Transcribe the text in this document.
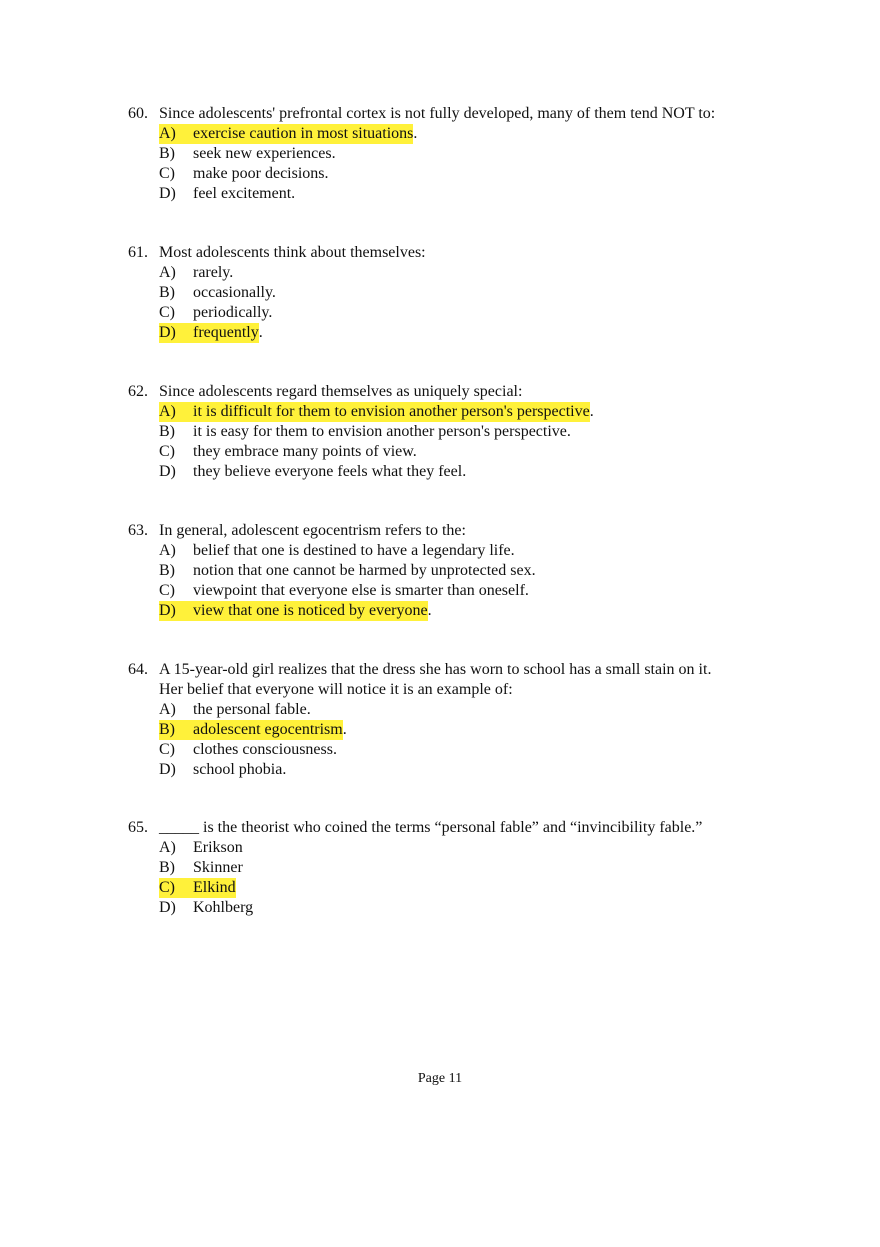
60. Since adolescents' prefrontal cortex is not fully developed, many of them tend NOT to:
A) exercise caution in most situations.
B) seek new experiences.
C) make poor decisions.
D) feel excitement.
61. Most adolescents think about themselves:
A) rarely.
B) occasionally.
C) periodically.
D) frequently.
62. Since adolescents regard themselves as uniquely special:
A) it is difficult for them to envision another person's perspective.
B) it is easy for them to envision another person's perspective.
C) they embrace many points of view.
D) they believe everyone feels what they feel.
63. In general, adolescent egocentrism refers to the:
A) belief that one is destined to have a legendary life.
B) notion that one cannot be harmed by unprotected sex.
C) viewpoint that everyone else is smarter than oneself.
D) view that one is noticed by everyone.
64. A 15-year-old girl realizes that the dress she has worn to school has a small stain on it.
Her belief that everyone will notice it is an example of:
A) the personal fable.
B) adolescent egocentrism.
C) clothes consciousness.
D) school phobia.
65. _____ is the theorist who coined the terms “personal fable” and “invincibility fable.”
A) Erikson
B) Skinner
C) Elkind
D) Kohlberg
Page 11
